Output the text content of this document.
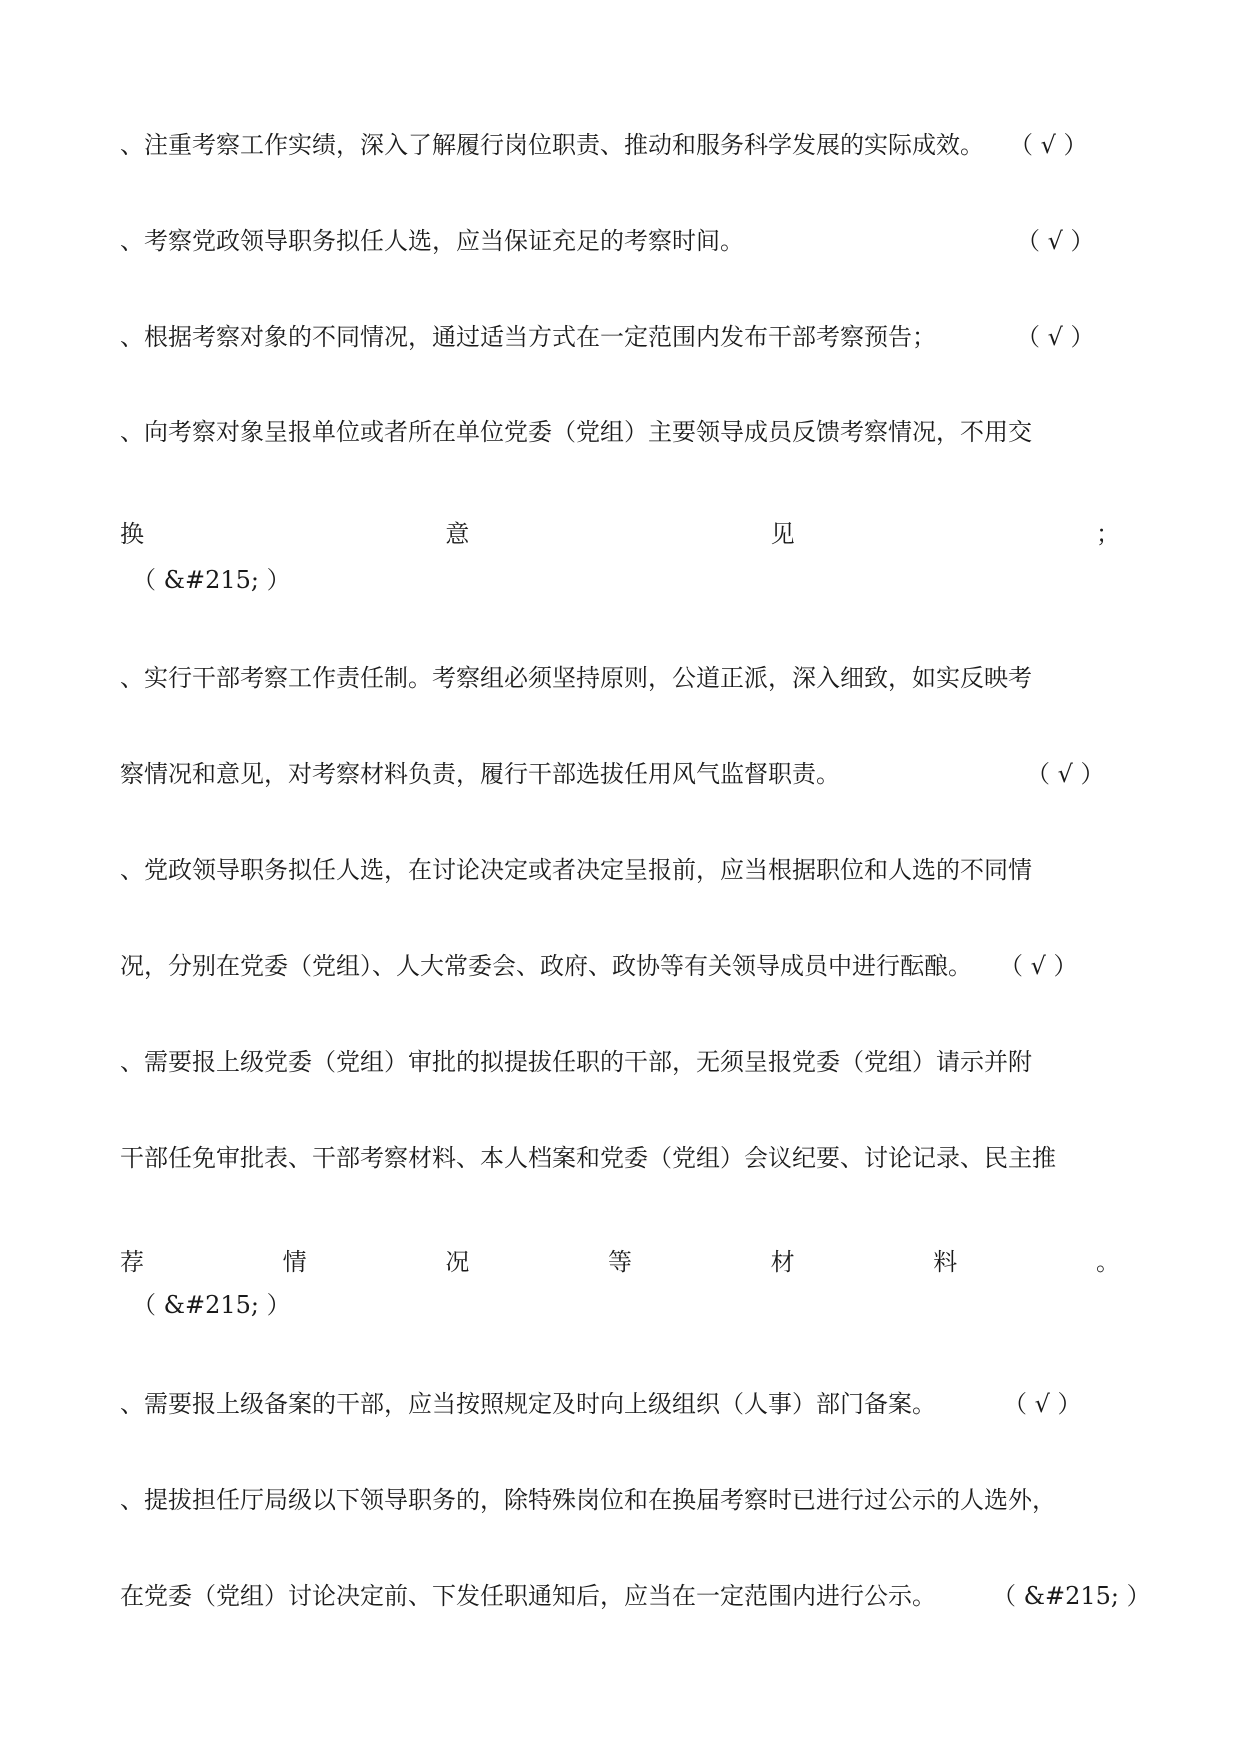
、注重考察工作实绩，深入了解履行岗位职责、推动和服务科学发展的实际成效。 （ √ ）
、考察党政领导职务拟任人选，应当保证充足的考察时间。	（ √ ）
、根据考察对象的不同情况，通过适当方式在一定范围内发布干部考察预告；	（ √ ）
、向考察对象呈报单位或者所在单位党委（党组）主要领导成员反馈考察情况，不用交
换	意	见	；
（ &#215; ）
、实行干部考察工作责任制。考察组必须坚持原则，公道正派，深入细致，如实反映考
察情况和意见，对考察材料负责，履行干部选拔任用风气监督职责。	（ √ ）
、党政领导职务拟任人选，在讨论决定或者决定呈报前，应当根据职位和人选的不同情
况，分别在党委（党组）、人大常委会、政府、政协等有关领导成员中进行酝酿。 （ √ ）
、需要报上级党委（党组）审批的拟提拔任职的干部，无须呈报党委（党组）请示并附
干部任免审批表、干部考察材料、本人档案和党委（党组）会议纪要、讨论记录、民主推
荐	情	况	等	材	料	。
（ &#215; ）
、需要报上级备案的干部，应当按照规定及时向上级组织（人事）部门备案。	（ √ ）
、提拔担任厅局级以下领导职务的，除特殊岗位和在换届考察时已进行过公示的人选外，
在党委（党组）讨论决定前、下发任职通知后，应当在一定范围内进行公示。 （ &#215; ）
